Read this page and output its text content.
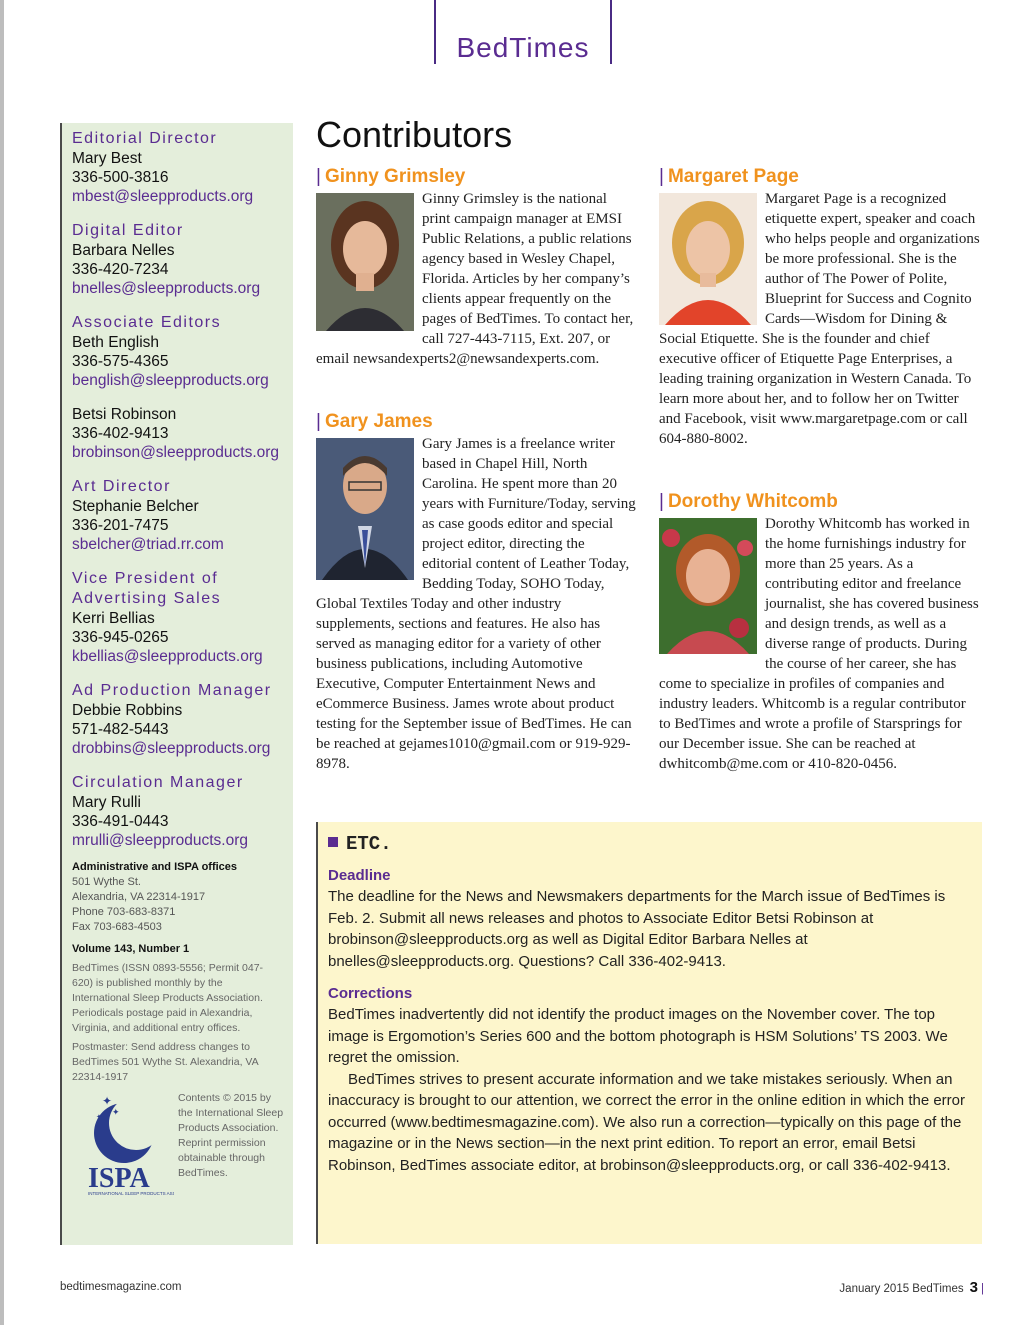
BedTimes
Editorial Director
Mary Best
336-500-3816
mbest@sleepproducts.org
Digital Editor
Barbara Nelles
336-420-7234
bnelles@sleepproducts.org
Associate Editors
Beth English
336-575-4365
benglish@sleepproducts.org
Betsi Robinson
336-402-9413
brobinson@sleepproducts.org
Art Director
Stephanie Belcher
336-201-7475
sbelcher@triad.rr.com
Vice President of Advertising Sales
Kerri Bellias
336-945-0265
kbellias@sleepproducts.org
Ad Production Manager
Debbie Robbins
571-482-5443
drobbins@sleepproducts.org
Circulation Manager
Mary Rulli
336-491-0443
mrulli@sleepproducts.org
Administrative and ISPA offices
501 Wythe St.
Alexandria, VA 22314-1917
Phone 703-683-8371
Fax 703-683-4503
Volume 143, Number 1
BedTimes (ISSN 0893-5556; Permit 047-620) is published monthly by the International Sleep Products Association. Periodicals postage paid in Alexandria, Virginia, and additional entry offices.
Postmaster: Send address changes to BedTimes 501 Wythe St. Alexandria, VA 22314-1917
✦
✦
✦
ISPA
INTERNATIONAL SLEEP PRODUCTS AS
Contents © 2015 by the International Sleep Products Association. Reprint permission obtainable through BedTimes.
Contributors
| Ginny Grimsley
Ginny Grimsley is the national print campaign manager at EMSI Public Relations, a public relations agency based in Wesley Chapel, Florida. Articles by her company’s clients appear frequently on the pages of BedTimes. To contact her, call 727-443-7115, Ext. 207, or email newsandexperts2@newsandexperts.com.
| Gary James
Gary James is a freelance writer based in Chapel Hill, North Carolina. He spent more than 20 years with Furniture/Today, serving as case goods editor and special project editor, directing the editorial content of Leather Today, Bedding Today, SOHO Today, Global Textiles Today and other industry supplements, sections and features. He also has served as managing editor for a variety of other business publications, including Automotive Executive, Computer Entertainment News and eCommerce Business. James wrote about product testing for the September issue of BedTimes. He can be reached at gejames1010@gmail.com or 919-929-8978.
| Margaret Page
Margaret Page is a recognized etiquette expert, speaker and coach who helps people and organizations be more professional. She is the author of The Power of Polite, Blueprint for Success and Cognito Cards—Wisdom for Dining & Social Etiquette. She is the founder and chief executive officer of Etiquette Page Enterprises, a leading training organization in Western Canada. To learn more about her, and to follow her on Twitter and Facebook, visit www.margaretpage.com or call 604-880-8002.
| Dorothy Whitcomb
Dorothy Whitcomb has worked in the home furnishings industry for more than 25 years. As a contributing editor and freelance journalist, she has covered business and design trends, as well as a diverse range of products. During the course of her career, she has come to specialize in profiles of companies and industry leaders. Whitcomb is a regular contributor to BedTimes and wrote a profile of Starsprings for our December issue. She can be reached at dwhitcomb@me.com or 410-820-0456.
ETC.
Deadline
The deadline for the News and Newsmakers departments for the March issue of BedTimes is Feb. 2. Submit all news releases and photos to Associate Editor Betsi Robinson at brobinson@sleepproducts.org as well as Digital Editor Barbara Nelles at bnelles@sleepproducts.org. Questions? Call 336-402-9413.
Corrections
BedTimes inadvertently did not identify the product images on the November cover. The top image is Ergomotion’s Series 600 and the bottom photograph is HSM Solutions’ TS 2003. We regret the omission.
BedTimes strives to present accurate information and we take mistakes seriously. When an inaccuracy is brought to our attention, we correct the error in the online edition in which the error occurred (www.bedtimesmagazine.com). We also run a correction—typically on this page of the magazine or in the News section—in the next print edition. To report an error, email Betsi Robinson, BedTimes associate editor, at brobinson@sleepproducts.org, or call 336-402-9413.
bedtimesmagazine.com	January 2015 BedTimes 3 |
